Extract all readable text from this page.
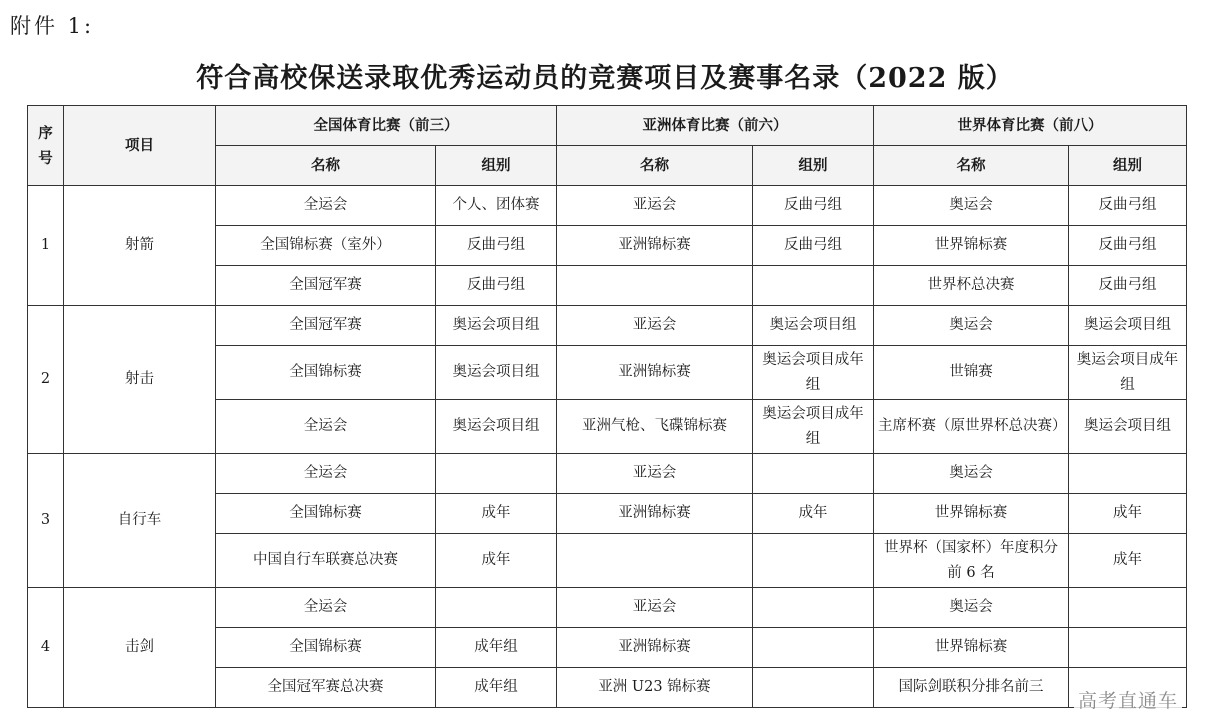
附件 1:
符合高校保送录取优秀运动员的竞赛项目及赛事名录（2022 版）
序号	项目	全国体育比赛（前三）		亚洲体育比赛（前六）		世界体育比赛（前八）	
		名称	组别	名称	组别	名称	组别
1	射箭	全运会	个人、团体赛	亚运会	反曲弓组	奥运会	反曲弓组
		全国锦标赛（室外）	反曲弓组	亚洲锦标赛	反曲弓组	世界锦标赛	反曲弓组
		全国冠军赛	反曲弓组			世界杯总决赛	反曲弓组
2	射击	全国冠军赛	奥运会项目组	亚运会	奥运会项目组	奥运会	奥运会项目组
		全国锦标赛	奥运会项目组	亚洲锦标赛	奥运会项目成年组	世锦赛	奥运会项目成年组
		全运会	奥运会项目组	亚洲气枪、飞碟锦标赛	奥运会项目成年组	主席杯赛（原世界杯总决赛）	奥运会项目组
3	自行车	全运会		亚运会		奥运会	
		全国锦标赛	成年	亚洲锦标赛	成年	世界锦标赛	成年
		中国自行车联赛总决赛	成年			世界杯（国家杯）年度积分前 6 名	成年
4	击剑	全运会		亚运会		奥运会	
		全国锦标赛	成年组	亚洲锦标赛		世界锦标赛	
		全国冠军赛总决赛	成年组	亚洲 U23 锦标赛		国际剑联积分排名前三	
高考直通车
